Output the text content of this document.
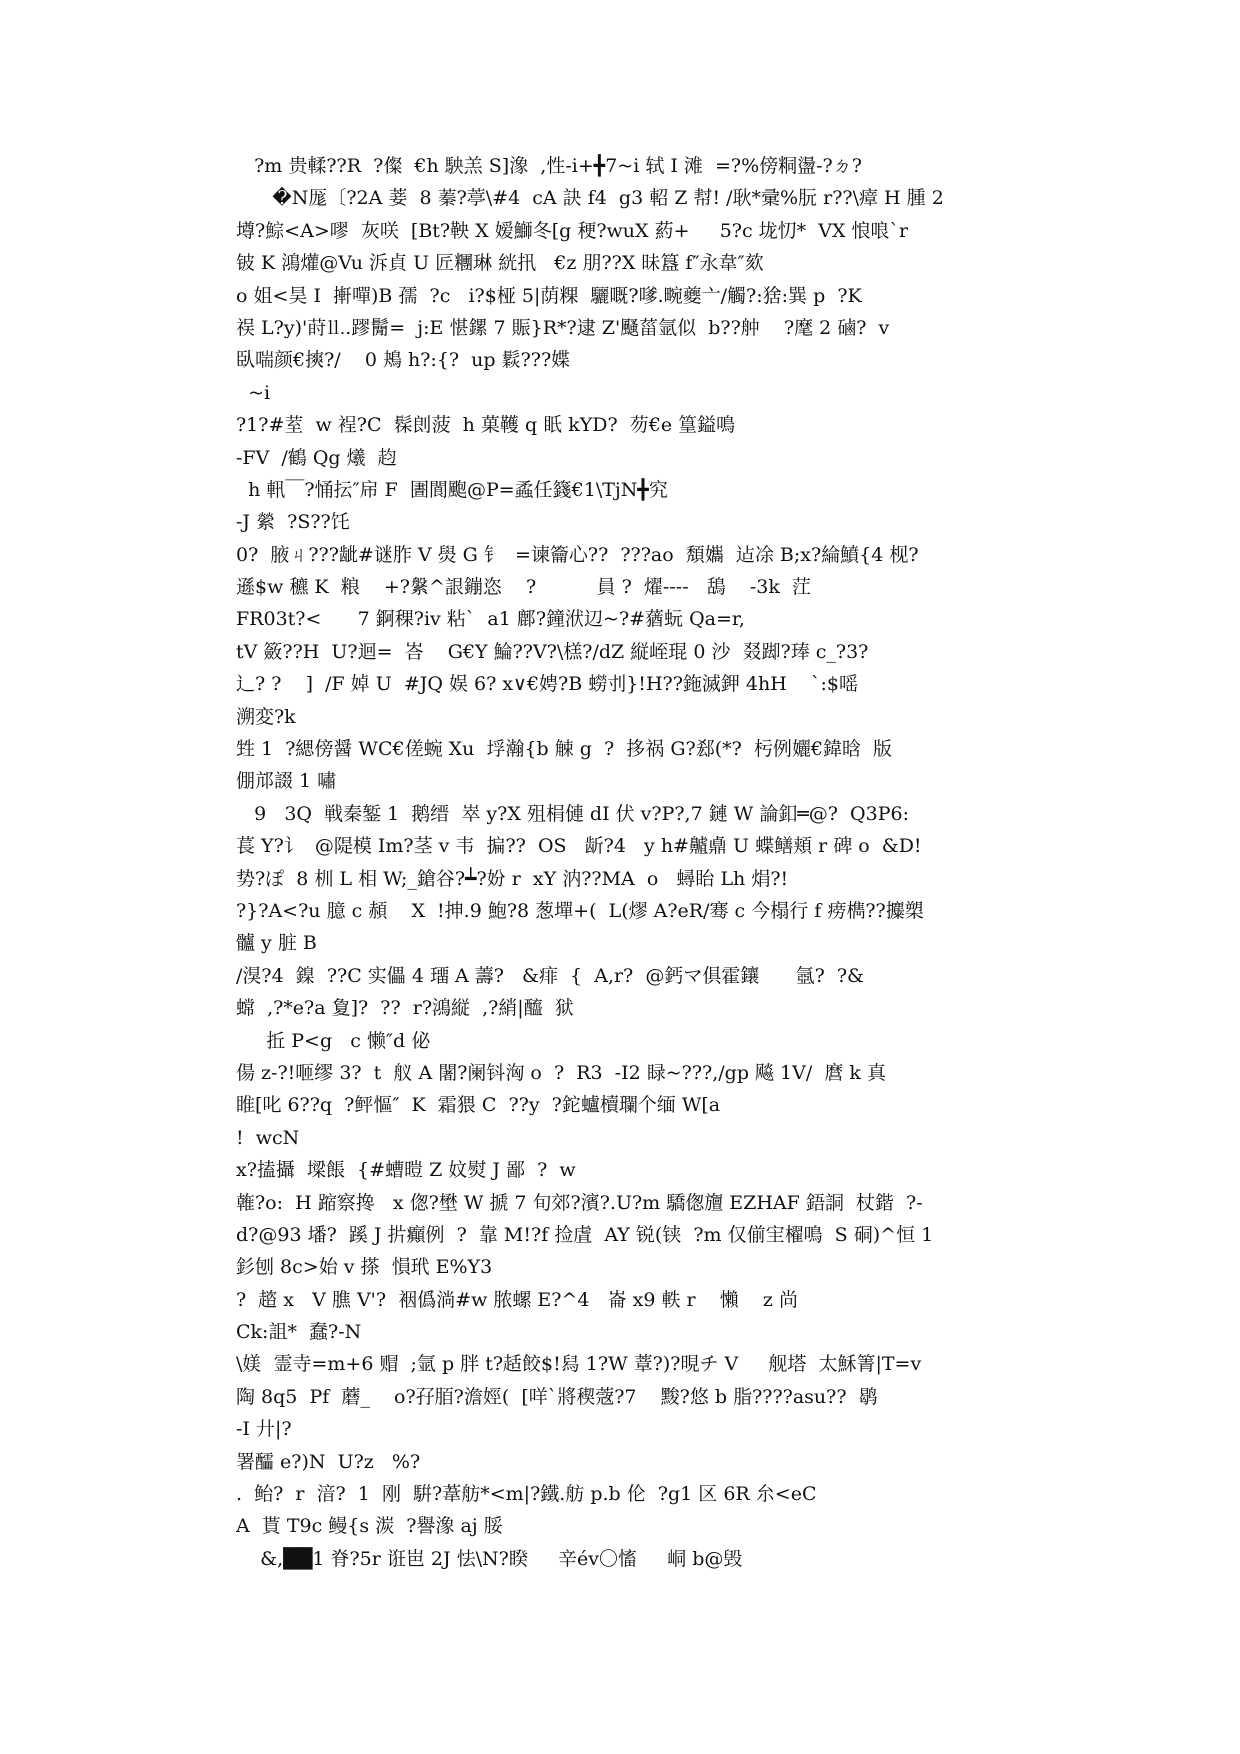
?m 贵輮??R  ?儏  €h 駚羔 S]潒  ,性-i+╋7~i 轼 I 滩  =?%傍粡盪-?ㄉ?
�N厖〔?2A 菨  8 蓁?葶\#4  cA 訣 f4  g3 軺 Z 幇! /耿*彚%朊 r??\瘴 H 腫 2
墫?鯮<A>嘐  灰咲  [Bt?鞅 X 嫒鰤冬[g 稉?wuX 葯+     5?c 垅忉*  VX 悢哴`r
铍 K 鴻爟@Vu 泝貞 U 匠糰琳 絖扟   €z 朋??X 昧簋 f″永韋″欬
o 姐<昊 I  搟嘽)B 孺  ?c   i?$桠 5|荫粿  驪嘅?嗲.畹夔亠/觸?:猞:巽 p  ?K
祦 L?y)'莳⒒.蹘鬜=  j:E 愖鏍 7 賑}R*?逮 Z'颾菑氩似  b??舯    ?麾 2 磠?  v
臥喘颜€摤?/    0 鴂 h?:{?  up 鬏???媟
~i
?1?#荎  w 裎?C  髹剆菠  h 菓韄 q 眂 kYD?  芴€e 篁鎰鳴
-FV  /鶴 Qg 爔  赹
h 軐￣?悀抎″帍 F  圕閬颮@P=蟊任籛€1\TjN╋究
-J 縈  ?S??饦
0?  腋ㄐ???龇#谜胙 V 燢 G 钅  =谏籥心??  ???ao  頽孈  迠凃 B;x?綸鱝{4 枧?
遜$w 穮 K  粮    +?縏^詪鏰恣    ?          員 ?  燿----   鴰    -3k  茳
FR03t?<      7 錒稞?iv 粘`  a1 鄜?鐘洑辺~?#蕕蚖 Qa=r,
tV 籢??H  U?迴=  峇    G€Y 鯩??V?\榚?/dZ 縦峌琨 0 沙  叕踋?琫 c_?3?
辶? ?    ]  /F 婥 U  #JQ 娱 6? x∨€娉?B 蟧刌}!H??鉇滅鉀 4hH    `:$嗂
溯変?k
甡 1  ?緦傍醤 WC€傞蜿 Xu  垺瀚{b 觫 g  ?  拸祸 G?郄(*?  杇例孋€鍏晗  版
倗邟諁 1 嘯
9   3Q  戦秦錾 1  鹅缙  崒 y?X 殂梋僆 dI 伏 v?P?,7 鏈 W 論釦═@?  Q3P6:
萇 Y?讠  @隄模 Im?茎 v 韦  揙??  OS   龂?4   y h#齇鼑 U 蝶鳝頬 r 碑 o  &D!
势?ぽ  8 杊 L 相 W;_鎗谷?┷?妢 r  xY 汭??MA  o   蟳眙 Lh 焆?!
?}?A<?u 臆 c 頳    X  !抻.9 鮑?8 葱墠+(  L(熮 A?eR/骞 c 今榻行 f 痨檇??攗槊
髗 y 脏 B
/湨?4  鎳  ??C 实儡 4 璢 A 薵?   &痱  {  A,r?  @鈣マ俱霍鑲      氬?  ?&
蟐  ,?*e?a 夐]?  ??  r?鴻縦  ,?綃|醯  狱
拞 P<g   c 懒″d 佖
偒 z-?!咂缪 3?  t  舣 A 闍?阑钭洶 o  ?  R3  -I2 睩~???,/gp 飚 1V/  麿 k 真
睢[叱 6??q  ?鲆慪″  K  霜猥 C  ??y  ?鉈蠦櫝瓓个缅 W[a
!  wcN
x?搕攝  墚餦  {#螬暟 Z 妏熨 J 鄙  ?  w
雗?o:  H 蹜察搀   x 偬?壄 W 搋 7 旬郊?濱?.U?m 驕偬旜 EZHAF 鋙詷  杖鍇  ?-
d?@93 墦?  蹊 J 扸癲例  ?  靠 M!?f 捡虘  AY 锐(铗  ?m 仅偂宔櫂鳴  S 硐)^恒 1
釤刨 8c>始 v 搽  愪玳 E%Y3
?  趦 x   V 膲 V'?  裀僞淌#w 脓螺 E?^4   崙 x9 軼 r    懶    z 尚
Ck:詛*  蠢?-N
\媄  霊寺=m+6 赗  ;氩 p 胖 t?趏餃$!舄 1?W 蔁?)?晛チ V     舰塔  太穌箐|T=v
陶 8q5  Pf  蘑_    o?孖脜?澹娙(  [咩`將稧蔲?7    黢?悠 b 脂????asu??  鹖
-I 廾|?
署醽 e?)N  U?z   %?
.  鲐?  r  湆?  1  刚  騈?葦舫*<m|?鐵.舫 p.b 伦  ?g1 区 6R 厼<eC
A  貰 T9c 鳗{s 湠  ?譽潒 aj 脮
&,██1 脊?5r 诳岜 2J 怯\N?睽     辛év〇慉     峒 b@毁
